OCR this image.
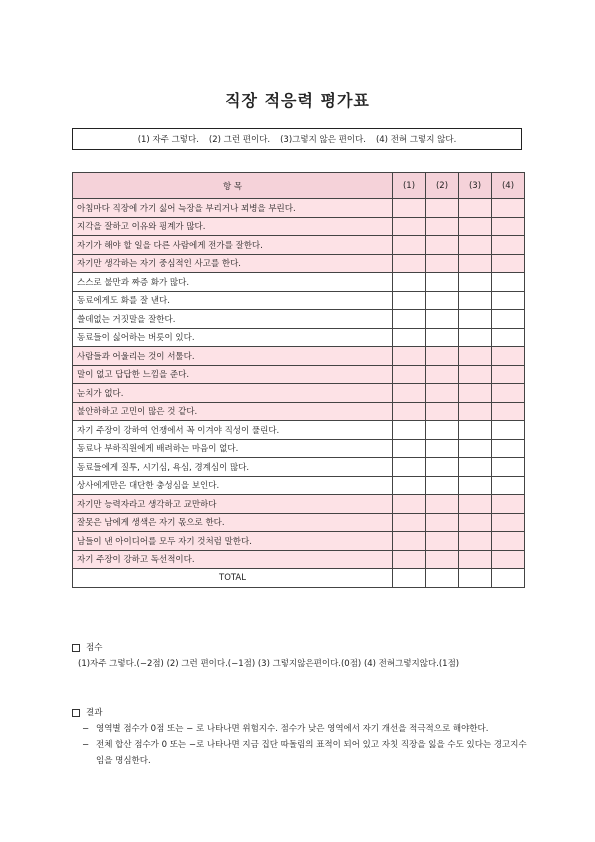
직장 적응력 평가표
(1) 자주 그렇다. (2) 그런 편이다. (3)그렇지 않은 편이다. (4) 전혀 그렇지 않다.
항 목	(1)	(2)	(3)	(4)
아침마다 직장에 가기 싫어 늑장을 부리거나 꾀병을 부린다.				
지각을 잘하고 이유와 핑계가 많다.				
자기가 해야 할 일을 다른 사람에게 전가를 잘한다.				
자기만 생각하는 자기 중심적인 사고를 한다.				
스스로 불만과 짜증 화가 많다.				
동료에게도 화를 잘 낸다.				
쓸데없는 거짓말을 잘한다.				
동료들이 싫어하는 버릇이 있다.				
사람들과 어울리는 것이 서툴다.				
말이 없고 답답한 느낌을 준다.				
눈치가 없다.				
불안하하고 고민이 많은 것 같다.				
자기 주장이 강하여 언쟁에서 꼭 이겨야 직성이 풀린다.				
동료나 부하직원에게 배려하는 마음이 없다.				
동료들에게 질투, 시기심, 욕심, 경계심이 많다.				
상사에게만은 대단한 충성심을 보인다.				
자기만 능력자라고 생각하고 교만하다				
잘못은 남에게 생색은 자기 몫으로 한다.				
남들이 낸 아이디어를 모두 자기 것처럼 말한다.				
자기 주장이 강하고 독선적이다.				
TOTAL				
점수
(1)자주 그렇다.(−2점) (2) 그런 편이다.(−1점) (3) 그렇지않은편이다.(0점) (4) 전혀그렇지않다.(1점)
결과
− 영역별 점수가 0점 또는 − 로 나타나면 위험지수. 점수가 낮은 영역에서 자기 개선을 적극적으로 해야한다.
− 전체 합산 점수가 0 또는 −로 나타나면 지금 집단 따돌림의 표적이 되어 있고 자칫 직장을 잃을 수도 있다는 경고지수임을 명심한다.
